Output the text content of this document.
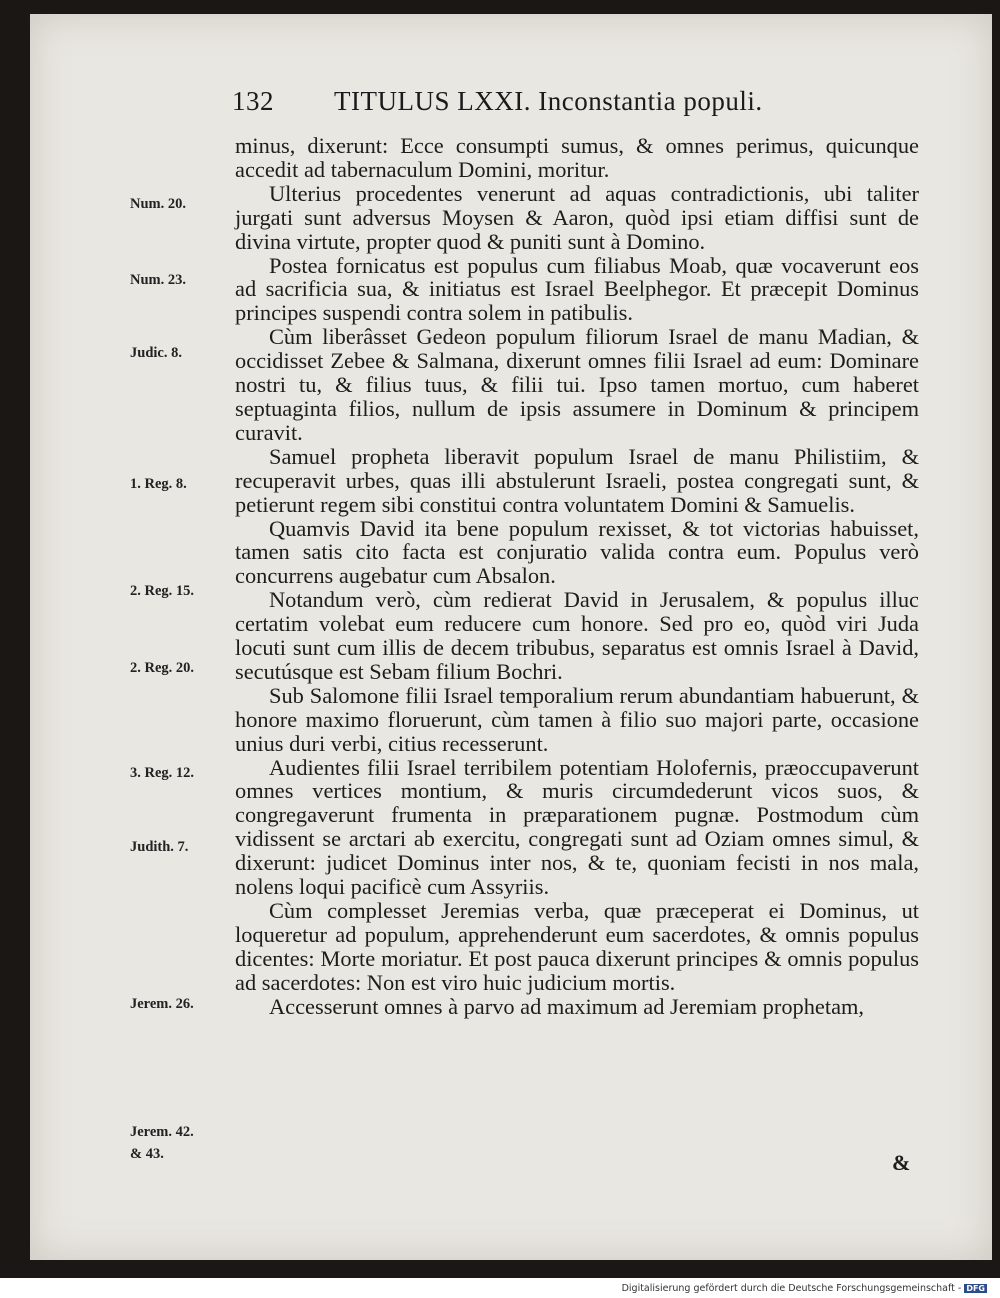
132 TITULUS LXXI. Inconstantia populi.
minus, dixerunt: Ecce consumpti sumus, & omnes perimus, quicunque accedit ad tabernaculum Domini, moritur.
Ulterius procedentes venerunt ad aquas contradictionis, ubi taliter jurgati sunt adversus Moysen & Aaron, quòd ipsi etiam diffisi sunt de divina virtute, propter quod & puniti sunt à Domino.
Postea fornicatus est populus cum filiabus Moab, quæ vocaverunt eos ad sacrificia sua, & initiatus est Israel Beelphegor. Et præcepit Dominus principes suspendi contra solem in patibulis.
Cùm liberâsset Gedeon populum filiorum Israel de manu Madian, & occidisset Zebee & Salmana, dixerunt omnes filii Israel ad eum: Dominare nostri tu, & filius tuus, & filii tui. Ipso tamen mortuo, cum haberet septuaginta filios, nullum de ipsis assumere in Dominum & principem curavit.
Samuel propheta liberavit populum Israel de manu Philistiim, & recuperavit urbes, quas illi abstulerunt Israeli, postea congregati sunt, & petierunt regem sibi constitui contra voluntatem Domini & Samuelis.
Quamvis David ita bene populum rexisset, & tot victorias habuisset, tamen satis cito facta est conjuratio valida contra eum. Populus verò concurrens augebatur cum Absalon.
Notandum verò, cùm redierat David in Jerusalem, & populus illuc certatim volebat eum reducere cum honore. Sed pro eo, quòd viri Juda locuti sunt cum illis de decem tribubus, separatus est omnis Israel à David, secutúsque est Sebam filium Bochri.
Sub Salomone filii Israel temporalium rerum abundantiam habuerunt, & honore maximo floruerunt, cùm tamen à filio suo majori parte, occasione unius duri verbi, citius recesserunt.
Audientes filii Israel terribilem potentiam Holofernis, præoccupaverunt omnes vertices montium, & muris circumdederunt vicos suos, & congregaverunt frumenta in præparationem pugnæ. Postmodum cùm vidissent se arctari ab exercitu, congregati sunt ad Oziam omnes simul, & dixerunt: judicet Dominus inter nos, & te, quoniam fecisti in nos mala, nolens loqui pacificè cum Assyriis.
Cùm complesset Jeremias verba, quæ præceperat ei Dominus, ut loqueretur ad populum, apprehenderunt eum sacerdotes, & omnis populus dicentes: Morte moriatur. Et post pauca dixerunt principes & omnis populus ad sacerdotes: Non est viro huic judicium mortis.
Accesserunt omnes à parvo ad maximum ad Jeremiam prophetam,
Num. 20.
Num. 23.
Judic. 8.
1. Reg. 8.
2. Reg. 15.
2. Reg. 20.
3. Reg. 12.
Judith. 7.
Jerem. 26.
Jerem. 42.
& 43.	&
Digitalisierung gefördert durch die Deutsche Forschungsgemeinschaft - DFG
